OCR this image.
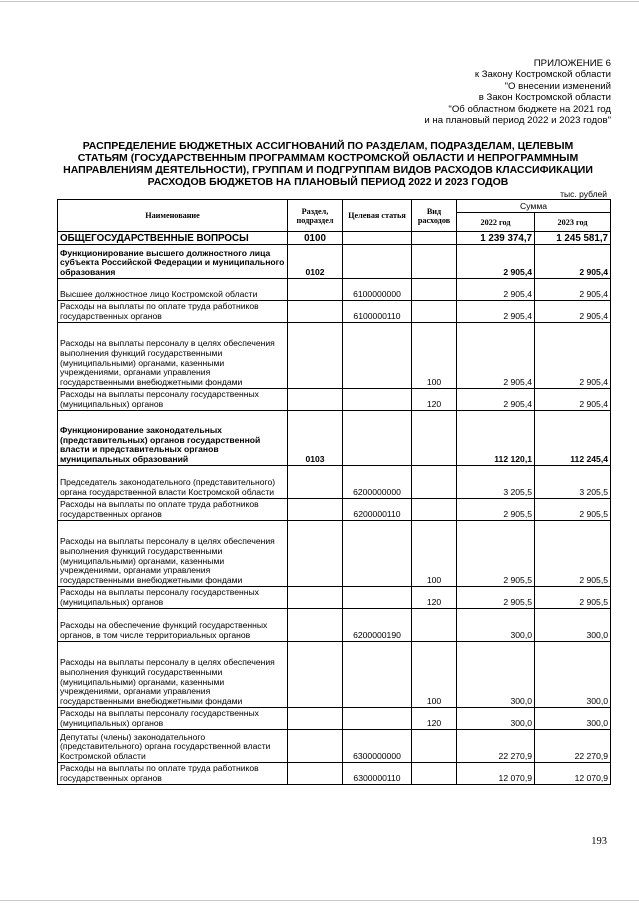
ПРИЛОЖЕНИЕ 6
к Закону Костромской области
"О внесении изменений
в Закон Костромской области
"Об областном бюджете на 2021 год
и на плановый период 2022 и 2023 годов"
РАСПРЕДЕЛЕНИЕ БЮДЖЕТНЫХ АССИГНОВАНИЙ ПО РАЗДЕЛАМ, ПОДРАЗДЕЛАМ, ЦЕЛЕВЫМ
СТАТЬЯМ (ГОСУДАРСТВЕННЫМ ПРОГРАММАМ КОСТРОМСКОЙ ОБЛАСТИ И НЕПРОГРАММНЫМ
НАПРАВЛЕНИЯМ ДЕЯТЕЛЬНОСТИ), ГРУППАМ И ПОДГРУППАМ ВИДОВ РАСХОДОВ КЛАССИФИКАЦИИ
РАСХОДОВ БЮДЖЕТОВ НА ПЛАНОВЫЙ ПЕРИОД 2022 И 2023 ГОДОВ
тыс. рублей
Наименование	Раздел, подраздел	Целевая статья	Вид расходов	Сумма	
				2022 год	2023 год
ОБЩЕГОСУДАРСТВЕННЫЕ ВОПРОСЫ	0100			1 239 374,7	1 245 581,7
Функционирование высшего должностного лица субъекта Российской Федерации и муниципального образования	0102			2 905,4	2 905,4
Высшее должностное лицо Костромской области		6100000000		2 905,4	2 905,4
Расходы на выплаты по оплате труда работников государственных органов		6100000110		2 905,4	2 905,4
Расходы на выплаты персоналу в целях обеспечения выполнения функций государственными (муниципальными) органами, казенными учреждениями, органами управления государственными внебюджетными фондами			100	2 905,4	2 905,4
Расходы на выплаты персоналу государственных (муниципальных) органов			120	2 905,4	2 905,4
Функционирование законодательных (представительных) органов государственной власти и представительных органов муниципальных образований	0103			112 120,1	112 245,4
Председатель законодательного (представительного) органа государственной власти Костромской области		6200000000		3 205,5	3 205,5
Расходы на выплаты по оплате труда работников государственных органов		6200000110		2 905,5	2 905,5
Расходы на выплаты персоналу в целях обеспечения выполнения функций государственными (муниципальными) органами, казенными учреждениями, органами управления государственными внебюджетными фондами			100	2 905,5	2 905,5
Расходы на выплаты персоналу государственных (муниципальных) органов			120	2 905,5	2 905,5
Расходы на обеспечение функций государственных органов, в том числе территориальных органов		6200000190		300,0	300,0
Расходы на выплаты персоналу в целях обеспечения выполнения функций государственными (муниципальными) органами, казенными учреждениями, органами управления государственными внебюджетными фондами			100	300,0	300,0
Расходы на выплаты персоналу государственных (муниципальных) органов			120	300,0	300,0
Депутаты (члены) законодательного (представительного) органа государственной власти Костромской области		6300000000		22 270,9	22 270,9
Расходы на выплаты по оплате труда работников государственных органов		6300000110		12 070,9	12 070,9
193
